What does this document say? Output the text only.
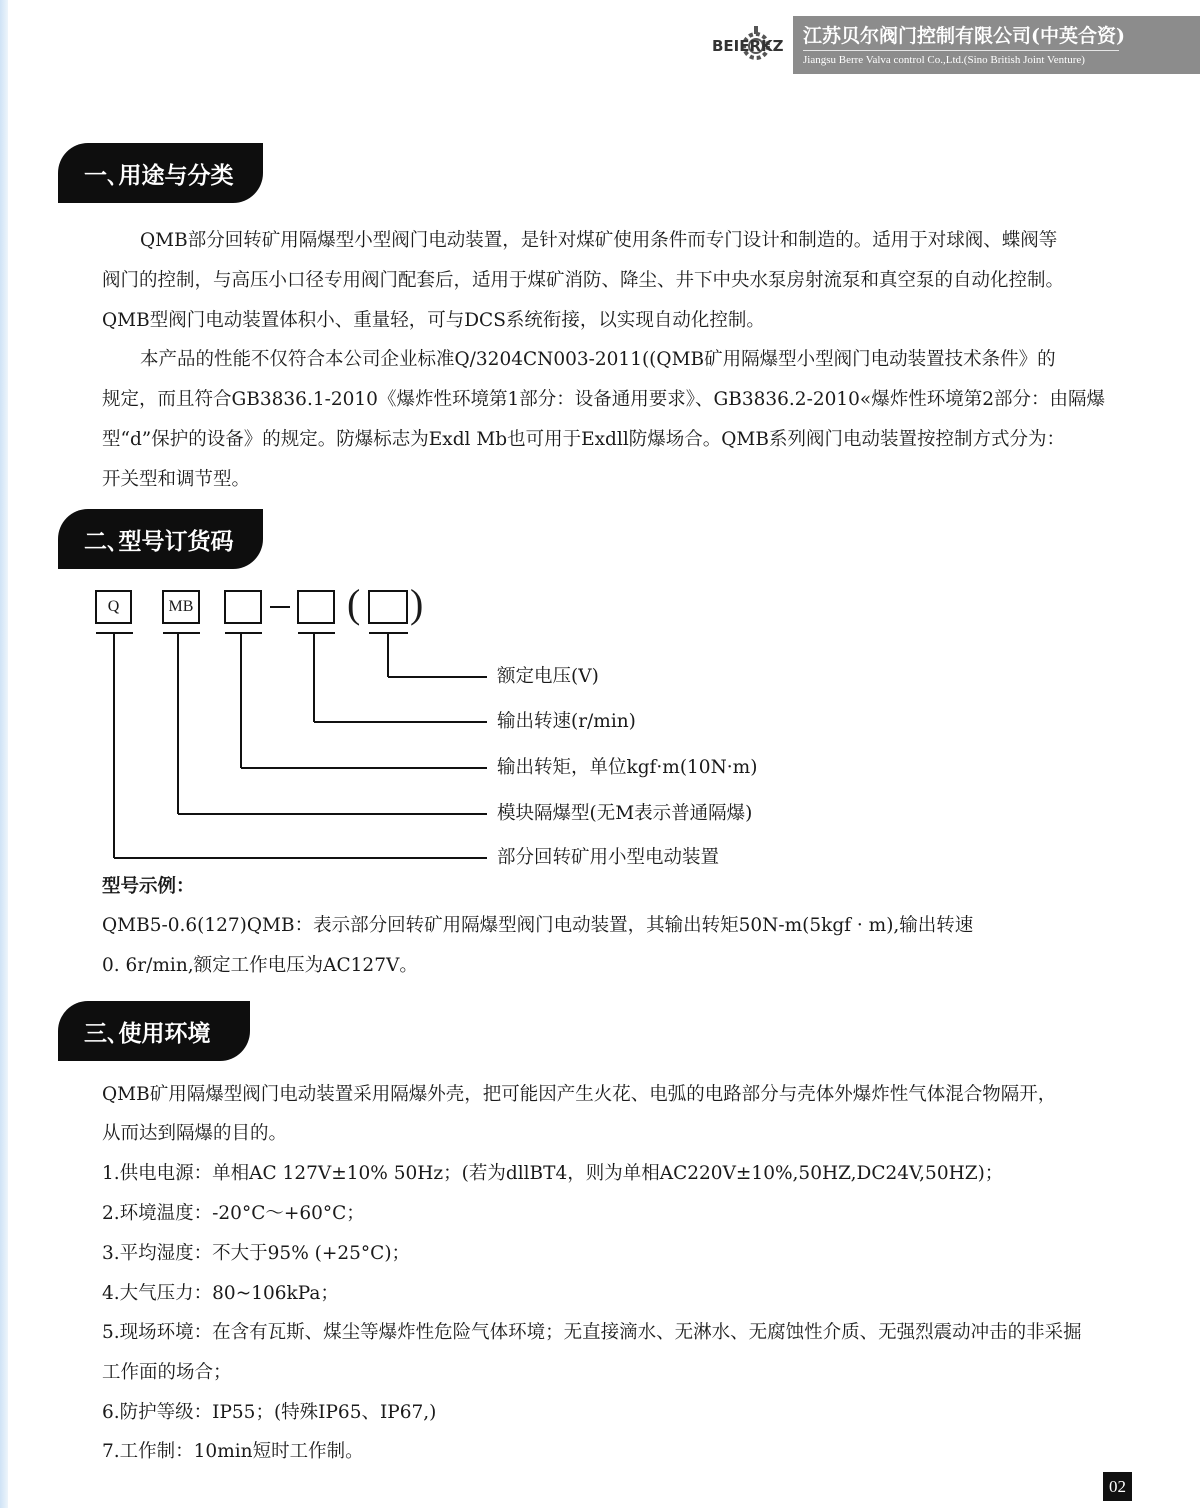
BEIERKZ 江苏贝尔阀门控制有限公司(中英合资)
Jiangsu Berre Valva control Co.,Ltd.(Sino British Joint Venture)
一､用途与分类
QMB部分回转矿用隔爆型小型阀门电动装置，是针对煤矿使用条件而专门设计和制造的。适用于对球阀、蝶阀等
阀门的控制，与高压小口径专用阀门配套后，适用于煤矿消防、降尘、井下中央水泵房射流泵和真空泵的自动化控制。
QMB型阀门电动装置体积小、重量轻，可与DCS系统衔接，以实现自动化控制。
本产品的性能不仅符合本公司企业标准Q/3204CN003-2011((QMB矿用隔爆型小型阀门电动装置技术条件》的
规定，而且符合GB3836.1-2010《爆炸性环境第1部分：设备通用要求》、GB3836.2-2010«爆炸性环境第2部分：由隔爆
型“d”保护的设备》的规定。防爆标志为Exdl Mb也可用于Exdll防爆场合。QMB系列阀门电动装置按控制方式分为：
开关型和调节型。
二､型号订货码
Q	MB	( )
额定电压(V)
输出转速(r/min)
输出转矩，单位kgf·m(10N·m)
模块隔爆型(无M表示普通隔爆)
部分回转矿用小型电动装置
型号示例：
QMB5-0.6(127)QMB：表示部分回转矿用隔爆型阀门电动装置，其输出转矩50N-m(5kgf · m),输出转速
0. 6r/min,额定工作电压为AC127V。
三､使用环境
QMB矿用隔爆型阀门电动装置采用隔爆外壳，把可能因产生火花、电弧的电路部分与壳体外爆炸性气体混合物隔开，
从而达到隔爆的目的。
1.供电电源：单相AC 127V±10% 50Hz；(若为dllBT4，则为单相AC220V±10%,50HZ,DC24V,50HZ)；
2.环境温度：-20°C～+60°C；
3.平均湿度：不大于95% (+25°C)；
4.大气压力：80~106kPa；
5.现场环境：在含有瓦斯、煤尘等爆炸性危险气体环境；无直接滴水、无淋水、无腐蚀性介质、无强烈震动冲击的非采掘
工作面的场合；
6.防护等级：IP55；(特殊IP65、IP67,)
7.工作制：10min短时工作制。
02
